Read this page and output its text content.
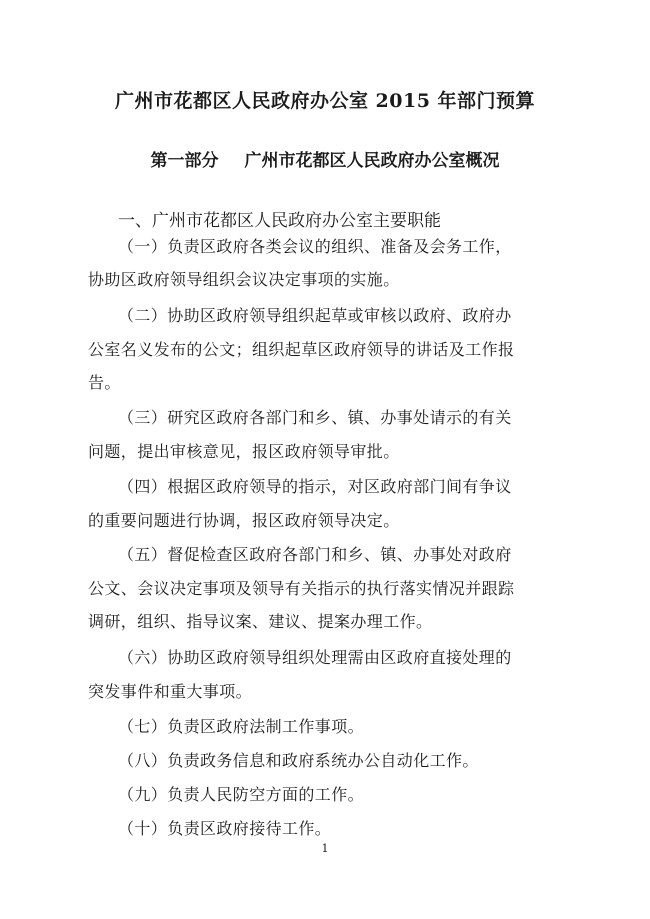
广州市花都区人民政府办公室 2015 年部门预算
第一部分 广州市花都区人民政府办公室概况
一、广州市花都区人民政府办公室主要职能
（一）负责区政府各类会议的组织、准备及会务工作，
协助区政府领导组织会议决定事项的实施。
（二）协助区政府领导组织起草或审核以政府、政府办
公室名义发布的公文；组织起草区政府领导的讲话及工作报
告。
（三）研究区政府各部门和乡、镇、办事处请示的有关
问题，提出审核意见，报区政府领导审批。
（四）根据区政府领导的指示，对区政府部门间有争议
的重要问题进行协调，报区政府领导决定。
（五）督促检查区政府各部门和乡、镇、办事处对政府
公文、会议决定事项及领导有关指示的执行落实情况并跟踪
调研，组织、指导议案、建议、提案办理工作。
（六）协助区政府领导组织处理需由区政府直接处理的
突发事件和重大事项。
（七）负责区政府法制工作事项。
（八）负责政务信息和政府系统办公自动化工作。
（九）负责人民防空方面的工作。
（十）负责区政府接待工作。
1
